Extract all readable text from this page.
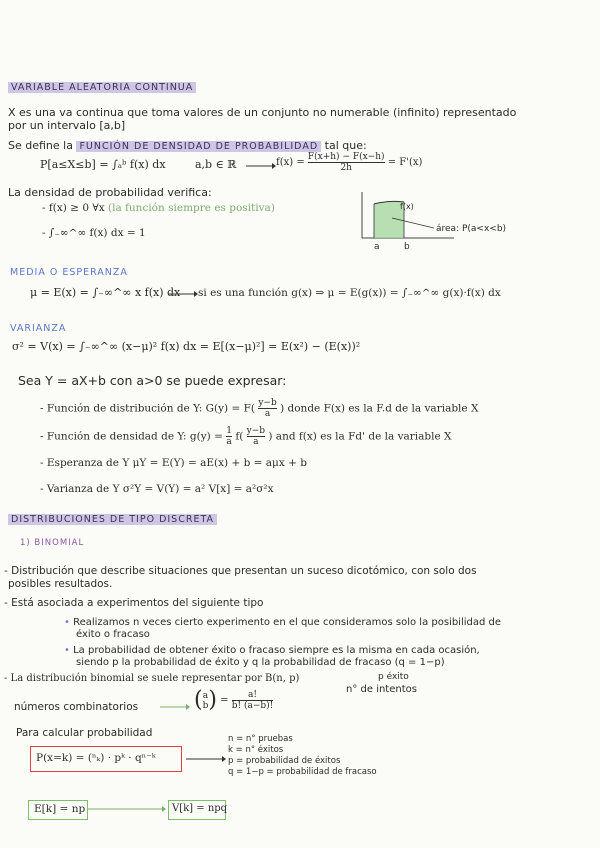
VARIABLE ALEATORIA CONTINUA
X es una va continua que toma valores de un conjunto no numerable (infinito) representado
por un intervalo [a,b]
Se define la FUNCIÓN DE DENSIDAD DE PROBABILIDAD tal que:
P[a≤X≤b] = ∫ₐᵇ f(x) dx	a,b ∈ ℝ	$f(x) = \frac{F(x+h) - F(x-h)}{2h} = F'(x)$
La densidad de probabilidad verifica:
- f(x) ≥ 0 ∀x (la función siempre es positiva)
- ∫₋∞^∞ f(x) dx = 1
f(x)
a	b
área: P(a<x<b)
MEDIA O ESPERANZA
μ = E(x) = ∫₋∞^∞ x f(x) dx si es una función g(x) ⇒ μ = E(g(x)) = ∫₋∞^∞ g(x)·f(x) dx
VARIANZA
σ² = V(x) = ∫₋∞^∞ (x−μ)² f(x) dx = E[(x−μ)²] = E(x²) − (E(x))²
Sea Y = aX+b con a>0 se puede expresar:
- Función de distribución de Y: $G(y) = F( \frac{y-b}{a}$ ) donde F(x) es la F.d de la variable X
- Función de densidad de Y: $g(y) = \frac{1}{a} f( \frac{y-b}{a}$ ) and f(x) es la Fd' de la variable X
- Esperanza de Y μY = E(Y) = aE(x) + b = aμx + b
- Varianza de Y σ²Y = V(Y) = a² V[x] = a²σ²x
DISTRIBUCIONES DE TIPO DISCRETA
1) BINOMIAL
- Distribución que describe situaciones que presentan un suceso dicotómico, con solo dos
posibles resultados.
- Está asociada a experimentos del siguiente tipo
• Realizamos n veces cierto experimento en el que consideramos solo la posibilidad de
éxito o fracaso
• La probabilidad de obtener éxito o fracaso siempre es la misma en cada ocasión,
siendo p la probabilidad de éxito y q la probabilidad de fracaso (q = 1−p)
- La distribución binomial se suele representar por B(n, p)	p éxito
n° de intentos
números combinatorios	( a
b ) = $\frac{a!}{b! (a-b)!}$
Para calcular probabilidad
P(x=k) = (ⁿₖ) · pᵏ · qⁿ⁻ᵏ
n = n° pruebas
k = n° éxitos
p = probabilidad de éxitos
q = 1−p = probabilidad de fracaso
E[k] = np	V[k] = npq
